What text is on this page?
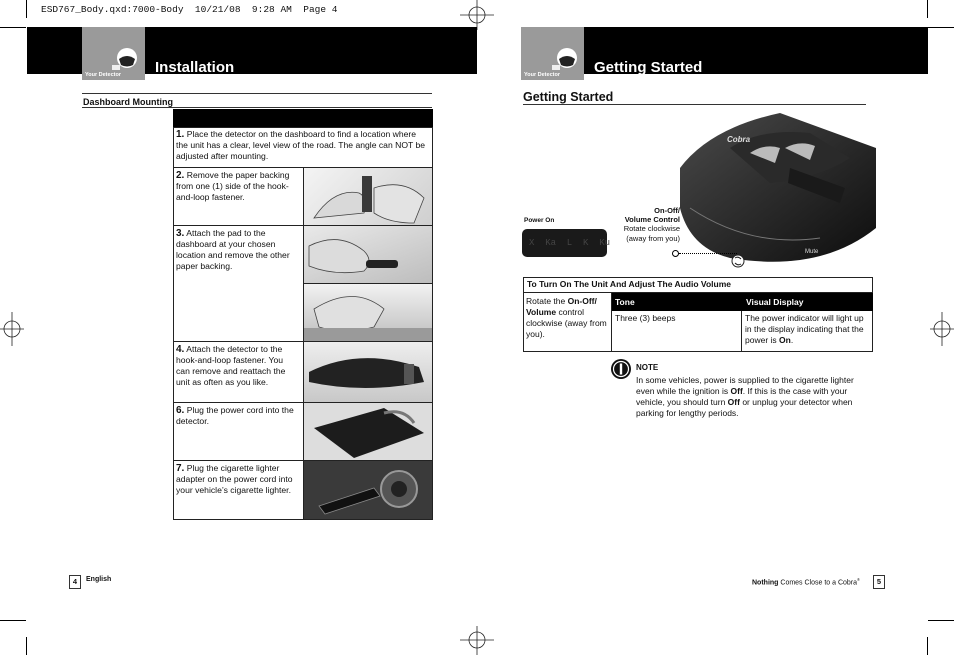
ESD767_Body.qxd:7000-Body  10/21/08  9:28 AM  Page 4
Your Detector Installation
Dashboard Mounting
1. Place the detector on the dashboard to find a location where the unit has a clear, level view of the road. The angle can NOT be adjusted after mounting.
2. Remove the paper backing from one (1) side of the hook-and-loop fastener.
3. Attach the pad to the dashboard at your chosen location and remove the other paper backing.
4. Attach the detector to the hook-and-loop fastener. You can remove and reattach the unit as often as you like.
6. Plug the power cord into the detector.
7. Plug the cigarette lighter adapter on the power cord into your vehicle’s cigarette lighter.
4	English
Your Detector Getting Started
Getting Started
Cobra
Mute
Power On
X  Ka  L  K  Ku
On-Off/
Volume Control
Rotate clockwise
(away from you)
To Turn On The Unit And Adjust The Audio Volume
Rotate the On-Off/ Volume control clockwise (away from you).
Tone	Visual Display
Three (3) beeps	The power indicator will light up in the display indicating that the power is On.
NOTE
In some vehicles, power is supplied to the cigarette lighter even while the ignition is Off. If this is the case with your vehicle, you should turn Off or unplug your detector when parking for lengthy periods.
Nothing Comes Close to a Cobra®	5
